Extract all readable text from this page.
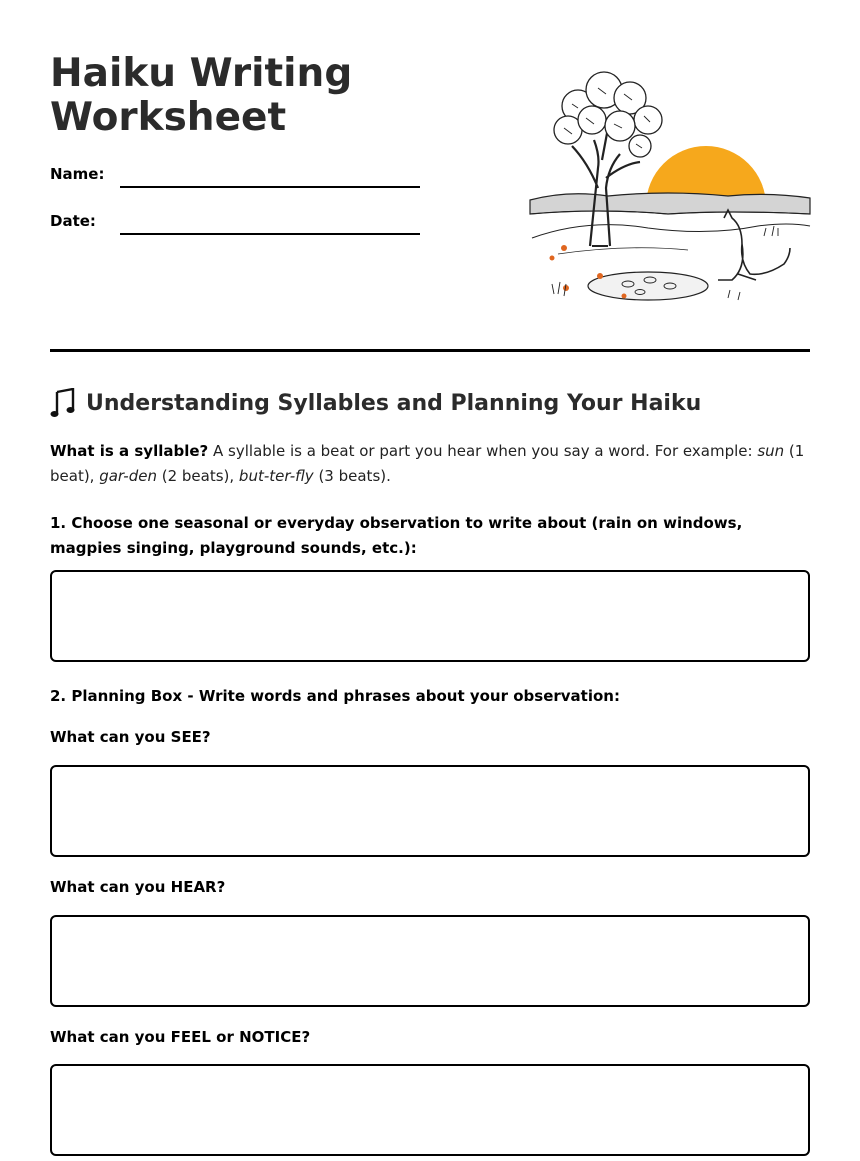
Haiku Writing
Worksheet
Name:
Date:
Understanding Syllables and Planning Your Haiku
What is a syllable? A syllable is a beat or part you hear when you say a word. For example: sun (1 beat), gar-den (2 beats), but-ter-fly (3 beats).
1. Choose one seasonal or everyday observation to write about (rain on windows, magpies singing, playground sounds, etc.):
2. Planning Box - Write words and phrases about your observation:
What can you SEE?
What can you HEAR?
What can you FEEL or NOTICE?
